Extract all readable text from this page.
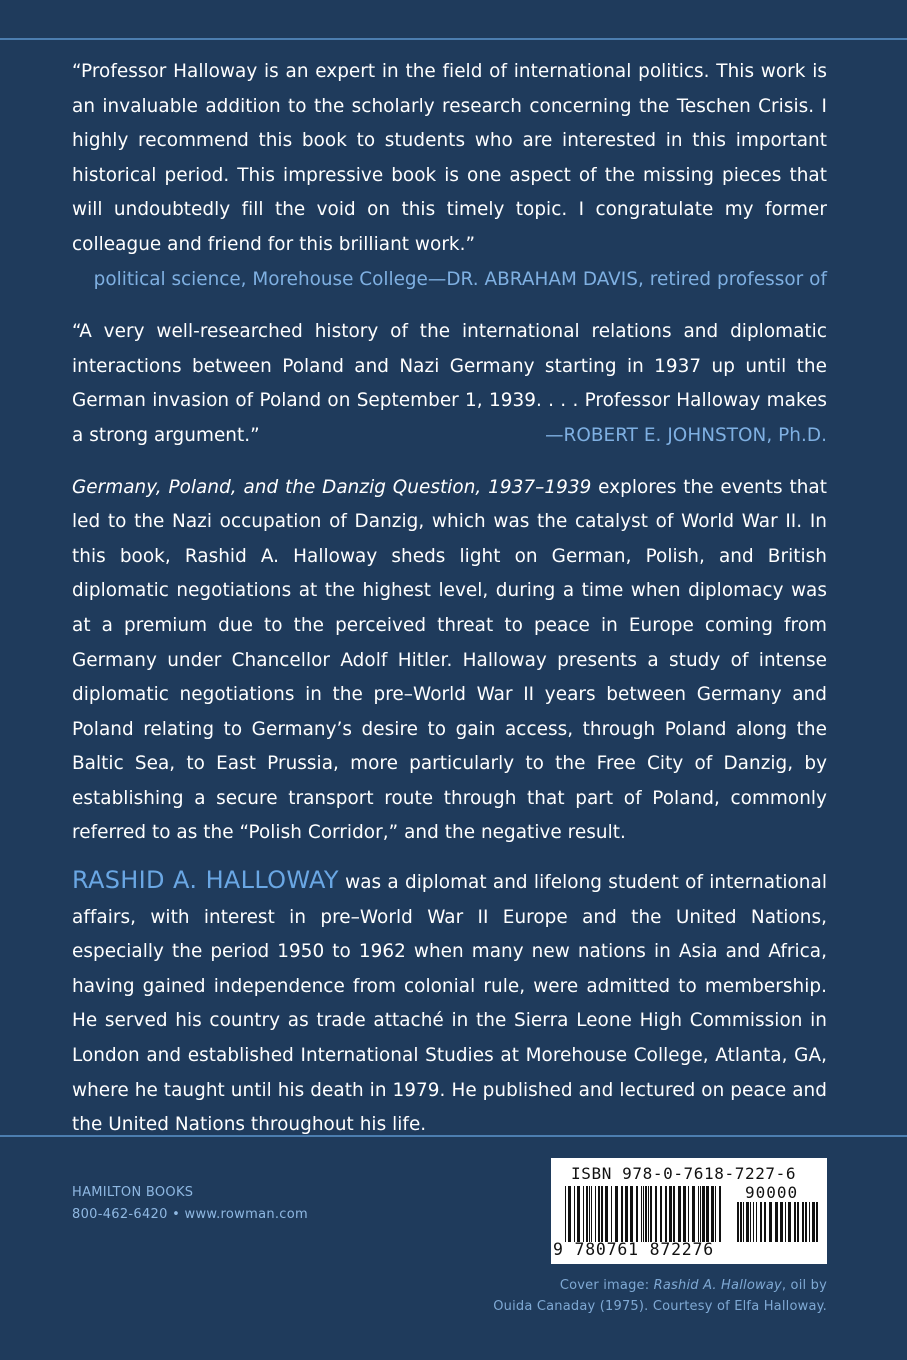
“Professor Halloway is an expert in the field of international politics. This work is an invaluable addition to the scholarly research concerning the Teschen Crisis. I highly recommend this book to students who are interested in this important historical period. This impressive book is one aspect of the missing pieces that will undoubtedly fill the void on this timely topic. I congratulate my former colleague and friend for this brilliant work.”
—DR. ABRAHAM DAVIS, retired professor of

political science, Morehouse College

“A very well-researched history of the international relations and diplomatic interactions between Poland and Nazi Germany starting in 1937 up until the German invasion of Poland on September 1, 1939. . . . Professor Halloway makes a strong argument.”	—ROBERT E. JOHNSTON, Ph.D.

Germany, Poland, and the Danzig Question, 1937–1939 explores the events that led to the Nazi occupation of Danzig, which was the catalyst of World War II. In this book, Rashid A. Halloway sheds light on German, Polish, and British diplomatic negotiations at the highest level, during a time when diplomacy was at a premium due to the perceived threat to peace in Europe coming from Germany under Chancellor Adolf Hitler. Halloway presents a study of intense diplomatic negotiations in the pre–World War II years between Germany and Poland relating to Germany’s desire to gain access, through Poland along the Baltic Sea, to East Prussia, more particularly to the Free City of Danzig, by establishing a secure transport route through that part of Poland, commonly referred to as the “Polish Corridor,” and the negative result.

RASHID A. HALLOWAY was a diplomat and lifelong student of international affairs, with interest in pre–World War II Europe and the United Nations, especially the period 1950 to 1962 when many new nations in Asia and Africa, having gained independence from colonial rule, were admitted to membership. He served his country as trade attaché in the Sierra Leone High Commission in London and established International Studies at Morehouse College, Atlanta, GA, where he taught until his death in 1979. He published and lectured on peace and the United Nations throughout his life.

HAMILTON BOOKS
800-462-6420 • www.rowman.com
ISBN 978-0-7618-7227-6
90000
9 780761 872276
Cover image: Rashid A. Halloway, oil by
Ouida Canaday (1975). Courtesy of Elfa Halloway.
